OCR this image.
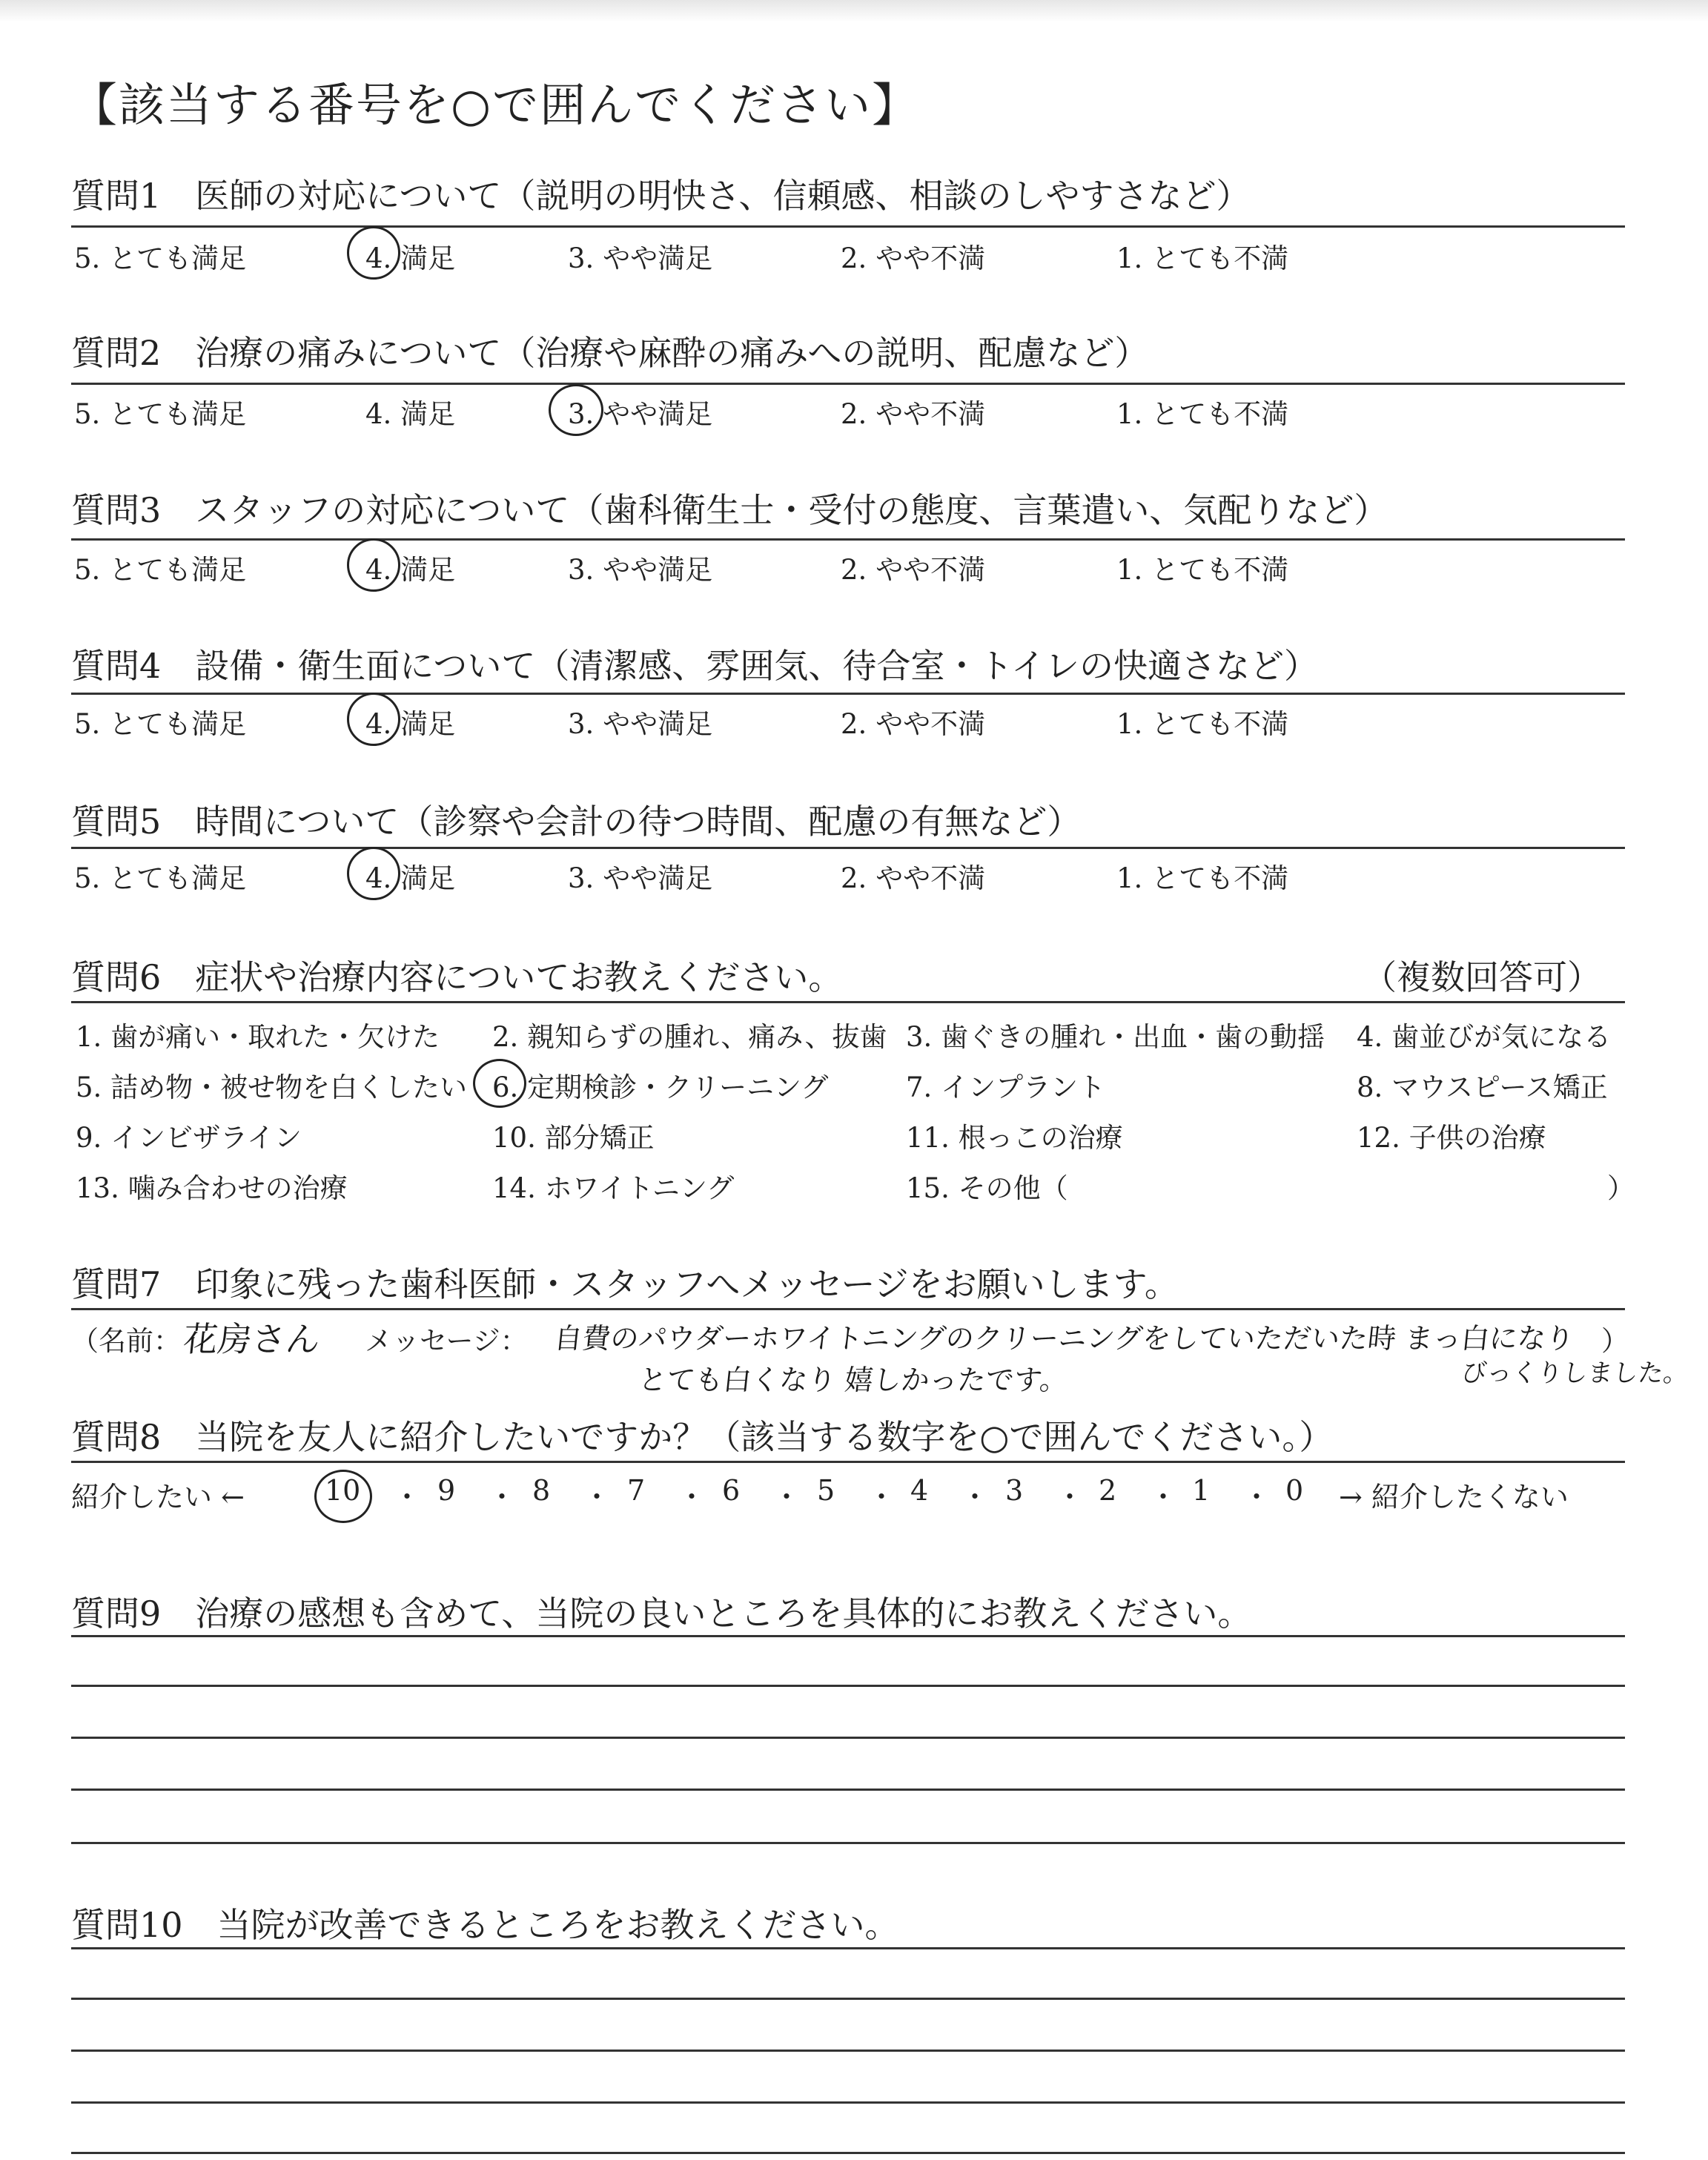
【該当する番号を○で囲んでください】
質問1　医師の対応について（説明の明快さ、信頼感、相談のしやすさなど）
5. とても満足	4. 満足	3. やや満足	2. やや不満	1. とても不満
質問2　治療の痛みについて（治療や麻酔の痛みへの説明、配慮など）
5. とても満足	4. 満足	3. やや満足	2. やや不満	1. とても不満
質問3　スタッフの対応について（歯科衛生士・受付の態度、言葉遣い、気配りなど）
5. とても満足	4. 満足	3. やや満足	2. やや不満	1. とても不満
質問4　設備・衛生面について（清潔感、雰囲気、待合室・トイレの快適さなど）
5. とても満足	4. 満足	3. やや満足	2. やや不満	1. とても不満
質問5　時間について（診察や会計の待つ時間、配慮の有無など）
5. とても満足	4. 満足	3. やや満足	2. やや不満	1. とても不満
質問6　症状や治療内容についてお教えください。	（複数回答可）
1. 歯が痛い・取れた・欠けた 2. 親知らずの腫れ、痛み、抜歯 3. 歯ぐきの腫れ・出血・歯の動揺 4. 歯並びが気になる
5. 詰め物・被せ物を白くしたい 6. 定期検診・クリーニング	7. インプラント	8. マウスピース矯正
9. インビザライン	10. 部分矯正	11. 根っこの治療	12. 子供の治療
13. 噛み合わせの治療	14. ホワイトニング	15. その他（	）
質問7　印象に残った歯科医師・スタッフへメッセージをお願いします。
（名前： 花房さん メッセージ： 自費のパウダーホワイトニングのクリーニングをしていただいた時 まっ白になり ）
とても白くなり 嬉しかったです。	びっくりしました。
質問8　当院を友人に紹介したいですか？（該当する数字を○で囲んでください。）
紹介したい ←	10 ・ 9 ・ 8 ・ 7 ・ 6 ・ 5 ・ 4 ・ 3 ・ 2 ・ 1 ・ 0 → 紹介したくない
質問9　治療の感想も含めて、当院の良いところを具体的にお教えください。
質問10　当院が改善できるところをお教えください。
